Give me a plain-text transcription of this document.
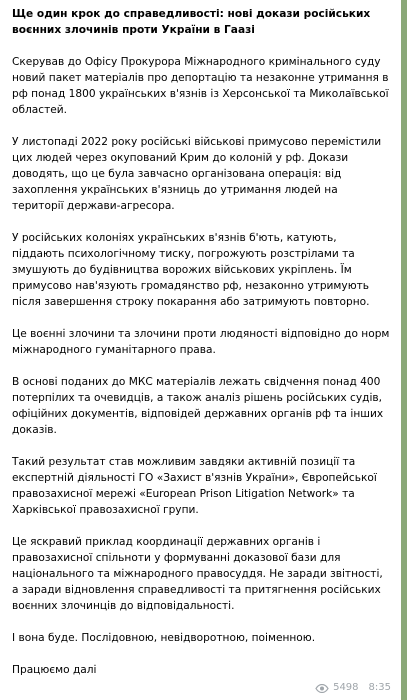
Ще один крок до справедливості: нові докази російських воєнних злочинів проти України в Гаазі

Скерував до Офісу Прокурора Міжнародного кримінального суду новий пакет матеріалів про депортацію та незаконне утримання в рф понад 1800 українських в'язнів із Херсонської та Миколаївської областей.

У листопаді 2022 року російські військові примусово перемістили цих людей через окупований Крим до колоній у рф. Докази доводять, що це була завчасно організована операція: від захоплення українських в'язниць до утримання людей на території держави-агресора.

У російських колоніях українських в'язнів б'ють, катують, піддають психологічному тиску, погрожують розстрілами та змушують до будівництва ворожих військових укріплень. Їм примусово нав'язують громадянство рф, незаконно утримують після завершення строку покарання або затримують повторно.

Це воєнні злочини та злочини проти людяності відповідно до норм міжнародного гуманітарного права.

В основі поданих до МКС матеріалів лежать свідчення понад 400 потерпілих та очевидців, а також аналіз рішень російських судів, офіційних документів, відповідей державних органів рф та інших доказів.

Такий результат став можливим завдяки активній позиції та експертній діяльності ГО «Захист в'язнів України», Європейської правозахисної мережі «European Prison Litigation Network» та Харківської правозахисної групи.

Це яскравий приклад координації державних органів і правозахисної спільноти у формуванні доказової бази для національного та міжнародного правосуддя. Не заради звітності, а заради відновлення справедливості та притягнення російських воєнних злочинців до відповідальності.

І вона буде. Послідовною, невідворотною, поіменною.

Працюємо далі

5498 8:35
